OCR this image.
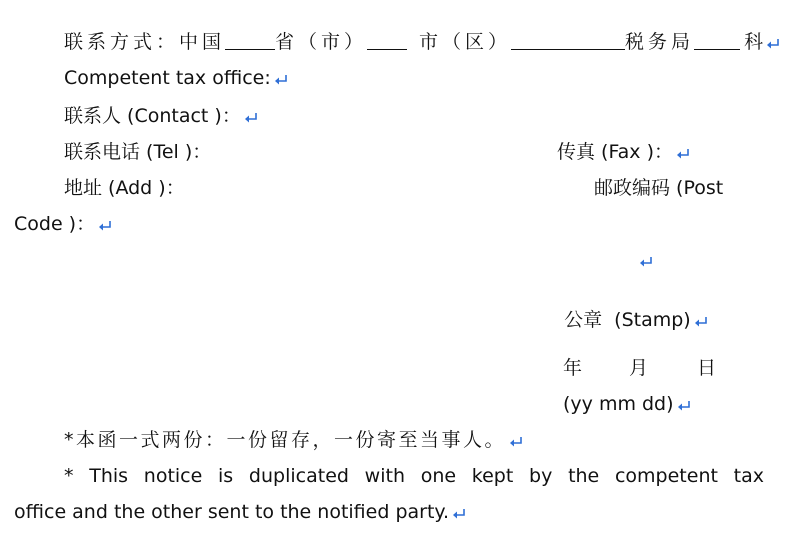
联系方式：中国	省（市）	市（区）	税务局	科
Competent tax office:
联系人 (Contact )：
联系电话 (Tel )：	传真 (Fax )：
地址 (Add )：	邮政编码 (Post
Code )：

公章  (Stamp)

年 月	日
(yy mm dd)
*本函一式两份：一份留存，一份寄至当事人。
* This notice is duplicated with one kept by the competent tax
office and the other sent to the notified party.
